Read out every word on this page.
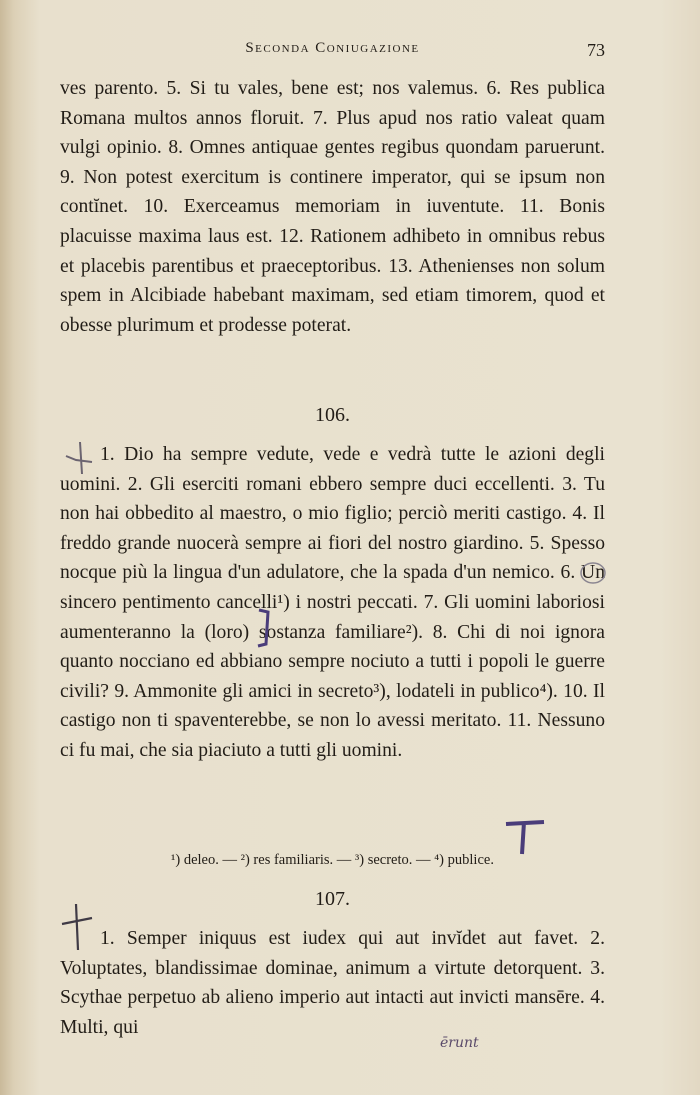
Seconda Coniugazione	73
ves parento. 5. Si tu vales, bene est; nos valemus. 6. Res publica Romana multos annos floruit. 7. Plus apud nos ratio valeat quam vulgi opinio. 8. Omnes antiquae gentes regibus quondam paruerunt. 9. Non potest exercitum is continere imperator, qui se ipsum non contĭnet. 10. Exerceamus memoriam in iuventute. 11. Bonis placuisse maxima laus est. 12. Rationem adhibeto in omnibus rebus et placebis parentibus et praeceptoribus. 13. Athenienses non solum spem in Alcibiade habebant maximam, sed etiam timorem, quod et obesse plurimum et prodesse poterat.
106.
1. Dio ha sempre vedute, vede e vedrà tutte le azioni degli uomini. 2. Gli eserciti romani ebbero sempre duci eccellenti. 3. Tu non hai obbedito al maestro, o mio figlio; perciò meriti castigo. 4. Il freddo grande nuocerà sempre ai fiori del nostro giardino. 5. Spesso nocque più la lingua d'un adulatore, che la spada d'un nemico. 6. Un sincero pentimento cancelli¹) i nostri peccati. 7. Gli uomini laboriosi aumenteranno la (loro) sostanza familiare²). 8. Chi di noi ignora quanto nocciano ed abbiano sempre nociuto a tutti i popoli le guerre civili? 9. Ammonite gli amici in secreto³), lodateli in publico⁴). 10. Il castigo non ti spaventerebbe, se non lo avessi meritato. 11. Nessuno ci fu mai, che sia piaciuto a tutti gli uomini.
¹) deleo. — ²) res familiaris. — ³) secreto. — ⁴) publice.
107.
1. Semper iniquus est iudex qui aut invĭdet aut favet. 2. Voluptates, blandissimae dominae, animum a virtute detorquent. 3. Scythae perpetuo ab alieno imperio aut intacti aut invicti mansēre. 4. Multi, qui
ērunt
